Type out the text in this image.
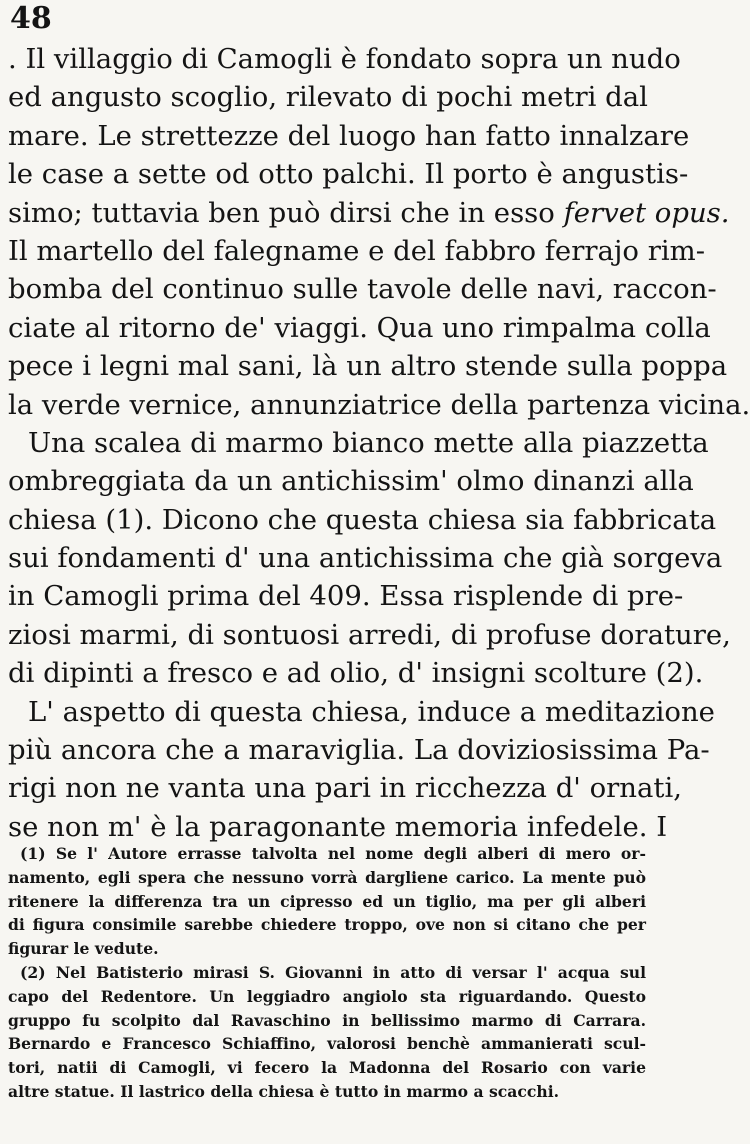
48
. Il villaggio di Camogli è fondato sopra un nudo
ed angusto scoglio, rilevato di pochi metri dal
mare. Le strettezze del luogo han fatto innalzare
le case a sette od otto palchi. Il porto è angustis-
simo; tuttavia ben può dirsi che in esso fervet opus.
Il martello del falegname e del fabbro ferrajo rim-
bomba del continuo sulle tavole delle navi, raccon-
ciate al ritorno de' viaggi. Qua uno rimpalma colla
pece i legni mal sani, là un altro stende sulla poppa
la verde vernice, annunziatrice della partenza vicina.
Una scalea di marmo bianco mette alla piazzetta
ombreggiata da un antichissim' olmo dinanzi alla
chiesa (1). Dicono che questa chiesa sia fabbricata
sui fondamenti d' una antichissima che già sorgeva
in Camogli prima del 409. Essa risplende di pre-
ziosi marmi, di sontuosi arredi, di profuse dorature,
di dipinti a fresco e ad olio, d' insigni scolture (2).
L' aspetto di questa chiesa, induce a meditazione
più ancora che a maraviglia. La doviziosissima Pa-
rigi non ne vanta una pari in ricchezza d' ornati,
se non m' è la paragonante memoria infedele. I
(1) Se l' Autore errasse talvolta nel nome degli alberi di mero or-
namento, egli spera che nessuno vorrà dargliene carico. La mente può
ritenere la differenza tra un cipresso ed un tiglio, ma per gli alberi
di figura consimile sarebbe chiedere troppo, ove non si citano che per
figurar le vedute.
(2) Nel Batisterio mirasi S. Giovanni in atto di versar l' acqua sul
capo del Redentore. Un leggiadro angiolo sta riguardando. Questo
gruppo fu scolpito dal Ravaschino in bellissimo marmo di Carrara.
Bernardo e Francesco Schiaffino, valorosi benchè ammanierati scul-
tori, natii di Camogli, vi fecero la Madonna del Rosario con varie
altre statue. Il lastrico della chiesa è tutto in marmo a scacchi.
